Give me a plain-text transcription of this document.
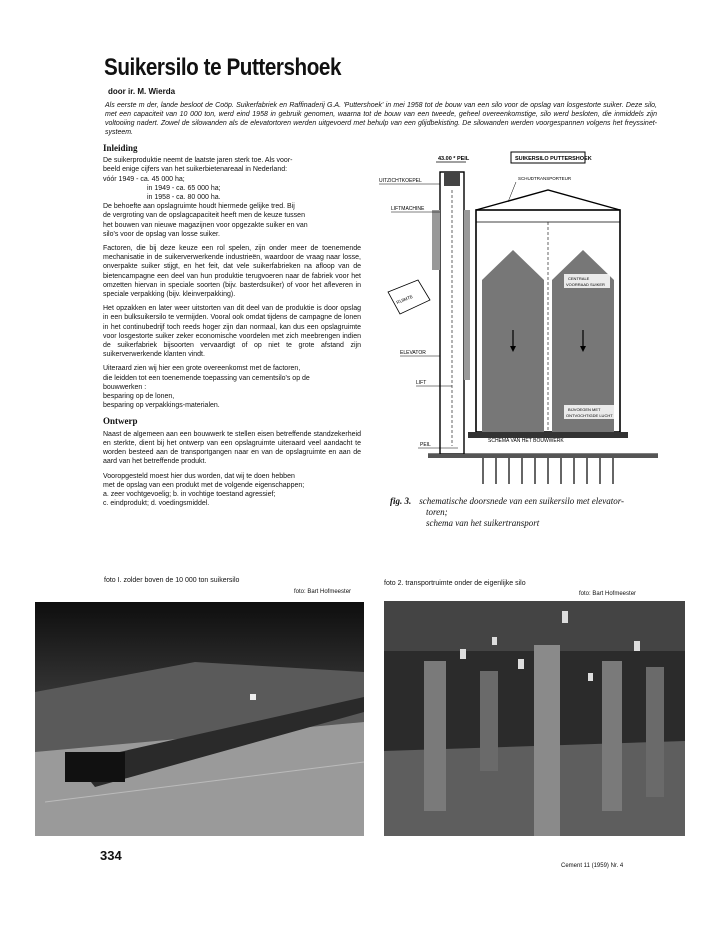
Suikersilo te Puttershoek
door ir. M. Wierda
Als eerste m der, lande besloot de Coöp. Suikerfabriek en Raffinaderij G.A. 'Puttershoek' in mei 1958 tot de bouw van een silo voor de opslag van losgestorte suiker. Deze silo, met een capaciteit van 10 000 ton, werd eind 1958 in gebruik genomen, waarna tot de bouw van een tweede, geheel overeenkomstige, silo werd besloten, die inmiddels zijn voltooiing nadert. Zowel de silowanden als de elevatortoren werden uitgevoerd met behulp van een glijdbekisting. De silowanden werden voorgespannen volgens het freyssinet-systeem.
Inleiding
De suikerproduktie neemt de laatste jaren sterk toe. Als voor-
beeld enige cijfers van het suikerbietenareaal in Nederland:
vóór 1949 - ca. 45 000 ha;
in 1949 - ca. 65 000 ha;
in 1958 - ca. 80 000 ha.
De behoefte aan opslagruimte houdt hiermede gelijke tred. Bij
de vergroting van de opslagcapaciteit heeft men de keuze tussen
het bouwen van nieuwe magazijnen voor opgezakte suiker en van
silo's voor de opslag van losse suiker.

Factoren, die bij deze keuze een rol spelen, zijn onder meer de toenemende mechanisatie in de suikerverwerkende industrieën, waardoor de vraag naar losse, onverpakte suiker stijgt, en het feit, dat vele suikerfabrieken na afloop van de bietencampagne een deel van hun produktie terugvoeren naar de fabriek voor het omzetten hiervan in speciale soorten (bijv. basterdsuiker) of voor het afleveren in speciale verpakking (bijv. kleinverpakking).

Het opzakken en later weer uitstorten van dit deel van de produktie is door opslag in een bulksuikersilo te vermijden. Vooral ook omdat tijdens de campagne de lonen in het continubedrijf toch reeds hoger zijn dan normaal, kan dus een opslagruimte voor losgestorte suiker zeker economische voordelen met zich meebrengen indien de suikerfabriek bijsoorten vervaardigt of op niet te grote afstand zijn suikerverwerkende klanten vindt.

Uiteraard zien wij hier een grote overeenkomst met de factoren,
die leidden tot een toenemende toepassing van cementsilo's op de
bouwwerken :
besparing op de lonen,
besparing op verpakkings-materialen.
Ontwerp

Naast de algemeen aan een bouwwerk te stellen eisen betreffende standzekerheid en sterkte, dient bij het ontwerp van een opslagruimte uiteraard veel aandacht te worden besteed aan de transportgangen naar en van de opslagruimte en aan de aard van het betreffende produkt.

Vooropgesteld moest hier dus worden, dat wij te doen hebben
met de opslag van een produkt met de volgende eigenschappen;
a. zeer vochtgevoelig; b. in vochtige toestand agressief;
c. eindprodukt; d. voedingsmiddel.
43.00 * PEIL	SUIKERSILO PUTTERSHOEK
UITZICHTKOEPEL
LIFTMACHINE
ELEVATOR
LIFT
PEIL
RUIMTE
SCHUDTRANSPORTEUR
CENTRALE
VOORRAAD SUIKER
BIJVOEGEN MET
ONTVOCHTIGDE LUCHT
SCHEMA VAN HET BOUWWERK
fig. 3. schematische doorsnede van een suikersilo met elevator-
toren;
schema van het suikertransport
foto I. zolder boven de 10 000 ton suikersilo
foto: Bart Hofmeester
foto 2. transportruimte onder de eigenlijke silo
foto: Bart Hofmeester
334
Cement 11 (1959) Nr. 4
